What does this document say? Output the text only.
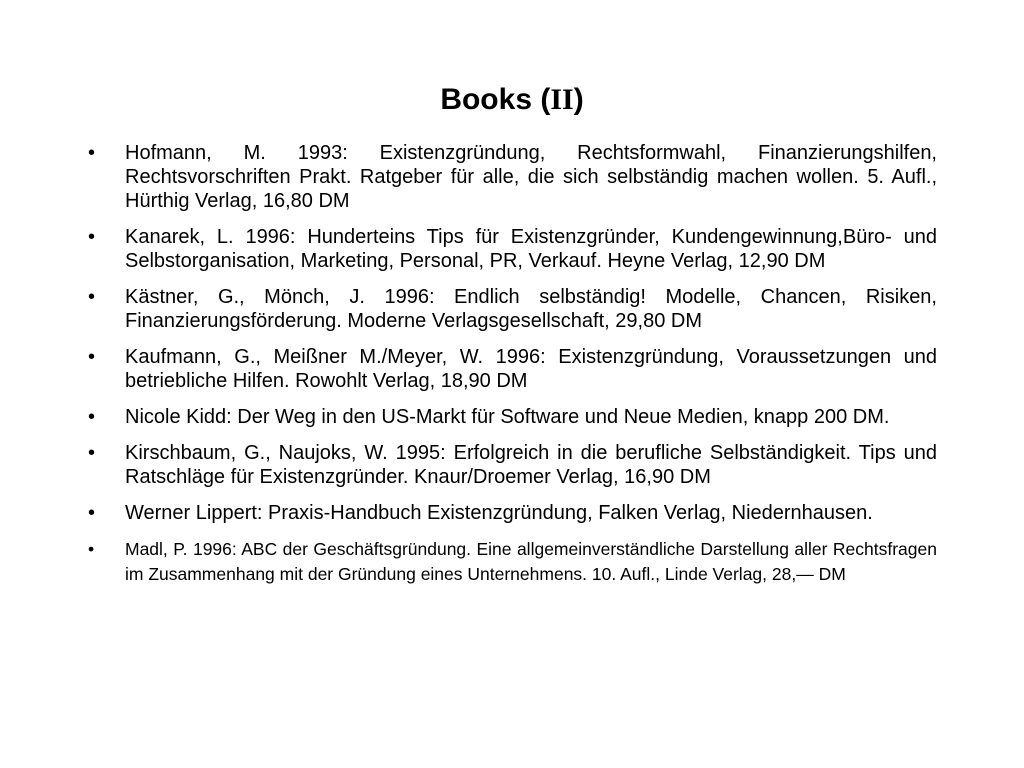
Books (II)
•	Hofmann, M. 1993: Existenzgründung, Rechtsformwahl, Finanzierungshilfen, Rechtsvorschriften Prakt. Ratgeber für alle, die sich selbständig machen wollen. 5. Aufl., Hürthig Verlag, 16,80 DM
•	Kanarek, L. 1996: Hunderteins Tips für Existenzgründer, Kundengewinnung,Büro- und Selbstorganisation, Marketing, Personal, PR, Verkauf. Heyne Verlag, 12,90 DM
•	Kästner, G., Mönch, J. 1996: Endlich selbständig! Modelle, Chancen, Risiken, Finanzierungsförderung. Moderne Verlagsgesellschaft, 29,80 DM
•	Kaufmann, G., Meißner M./Meyer, W. 1996: Existenzgründung, Voraussetzungen und betriebliche Hilfen. Rowohlt Verlag, 18,90 DM
•	Nicole Kidd: Der Weg in den US-Markt für Software und Neue Medien, knapp 200 DM.
•	Kirschbaum, G., Naujoks, W. 1995: Erfolgreich in die berufliche Selbständigkeit. Tips und Ratschläge für Existenzgründer. Knaur/Droemer Verlag, 16,90 DM
•	Werner Lippert: Praxis-Handbuch Existenzgründung, Falken Verlag, Niedernhausen.
•	Madl, P. 1996: ABC der Geschäftsgründung. Eine allgemeinverständliche Darstellung aller Rechtsfragen im Zusammenhang mit der Gründung eines Unternehmens. 10. Aufl., Linde Verlag, 28,— DM
